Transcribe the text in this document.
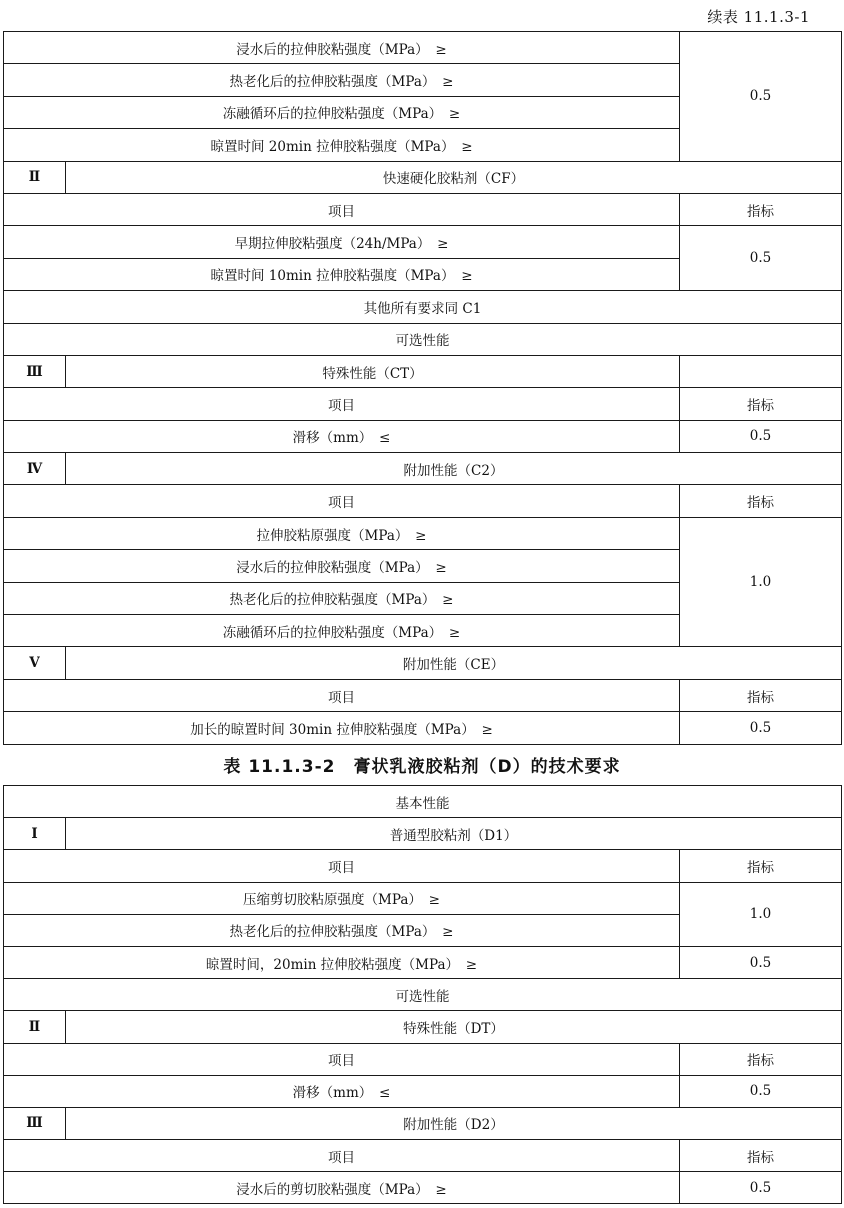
续表 11.1.3-1
浸水后的拉伸胶粘强度（MPa）　≥		0.5
热老化后的拉伸胶粘强度（MPa）　≥		
冻融循环后的拉伸胶粘强度（MPa）　≥		
晾置时间 20min 拉伸胶粘强度（MPa）　≥		
Ⅱ	快速硬化胶粘剂（CF）	
项目		指标
早期拉伸胶粘强度（24h/MPa）　≥		0.5
晾置时间 10min 拉伸胶粘强度（MPa）　≥		
其他所有要求同 C1		
可选性能		
Ⅲ	特殊性能（CT）	
项目		指标
滑移（mm）　≤		0.5
Ⅳ	附加性能（C2）	
项目		指标
拉伸胶粘原强度（MPa）　≥		1.0
浸水后的拉伸胶粘强度（MPa）　≥		
热老化后的拉伸胶粘强度（MPa）　≥		
冻融循环后的拉伸胶粘强度（MPa）　≥		
Ⅴ	附加性能（CE）	
项目		指标
加长的晾置时间 30min 拉伸胶粘强度（MPa）　≥		0.5
表 11.1.3-2　膏状乳液胶粘剂（D）的技术要求
基本性能		
Ⅰ	普通型胶粘剂（D1）	
项目		指标
压缩剪切胶粘原强度（MPa）　≥		1.0
热老化后的拉伸胶粘强度（MPa）　≥		
晾置时间，20min 拉伸胶粘强度（MPa）　≥		0.5
可选性能		
Ⅱ	特殊性能（DT）	
项目		指标
滑移（mm）　≤		0.5
Ⅲ	附加性能（D2）	
项目		指标
浸水后的剪切胶粘强度（MPa）　≥		0.5
